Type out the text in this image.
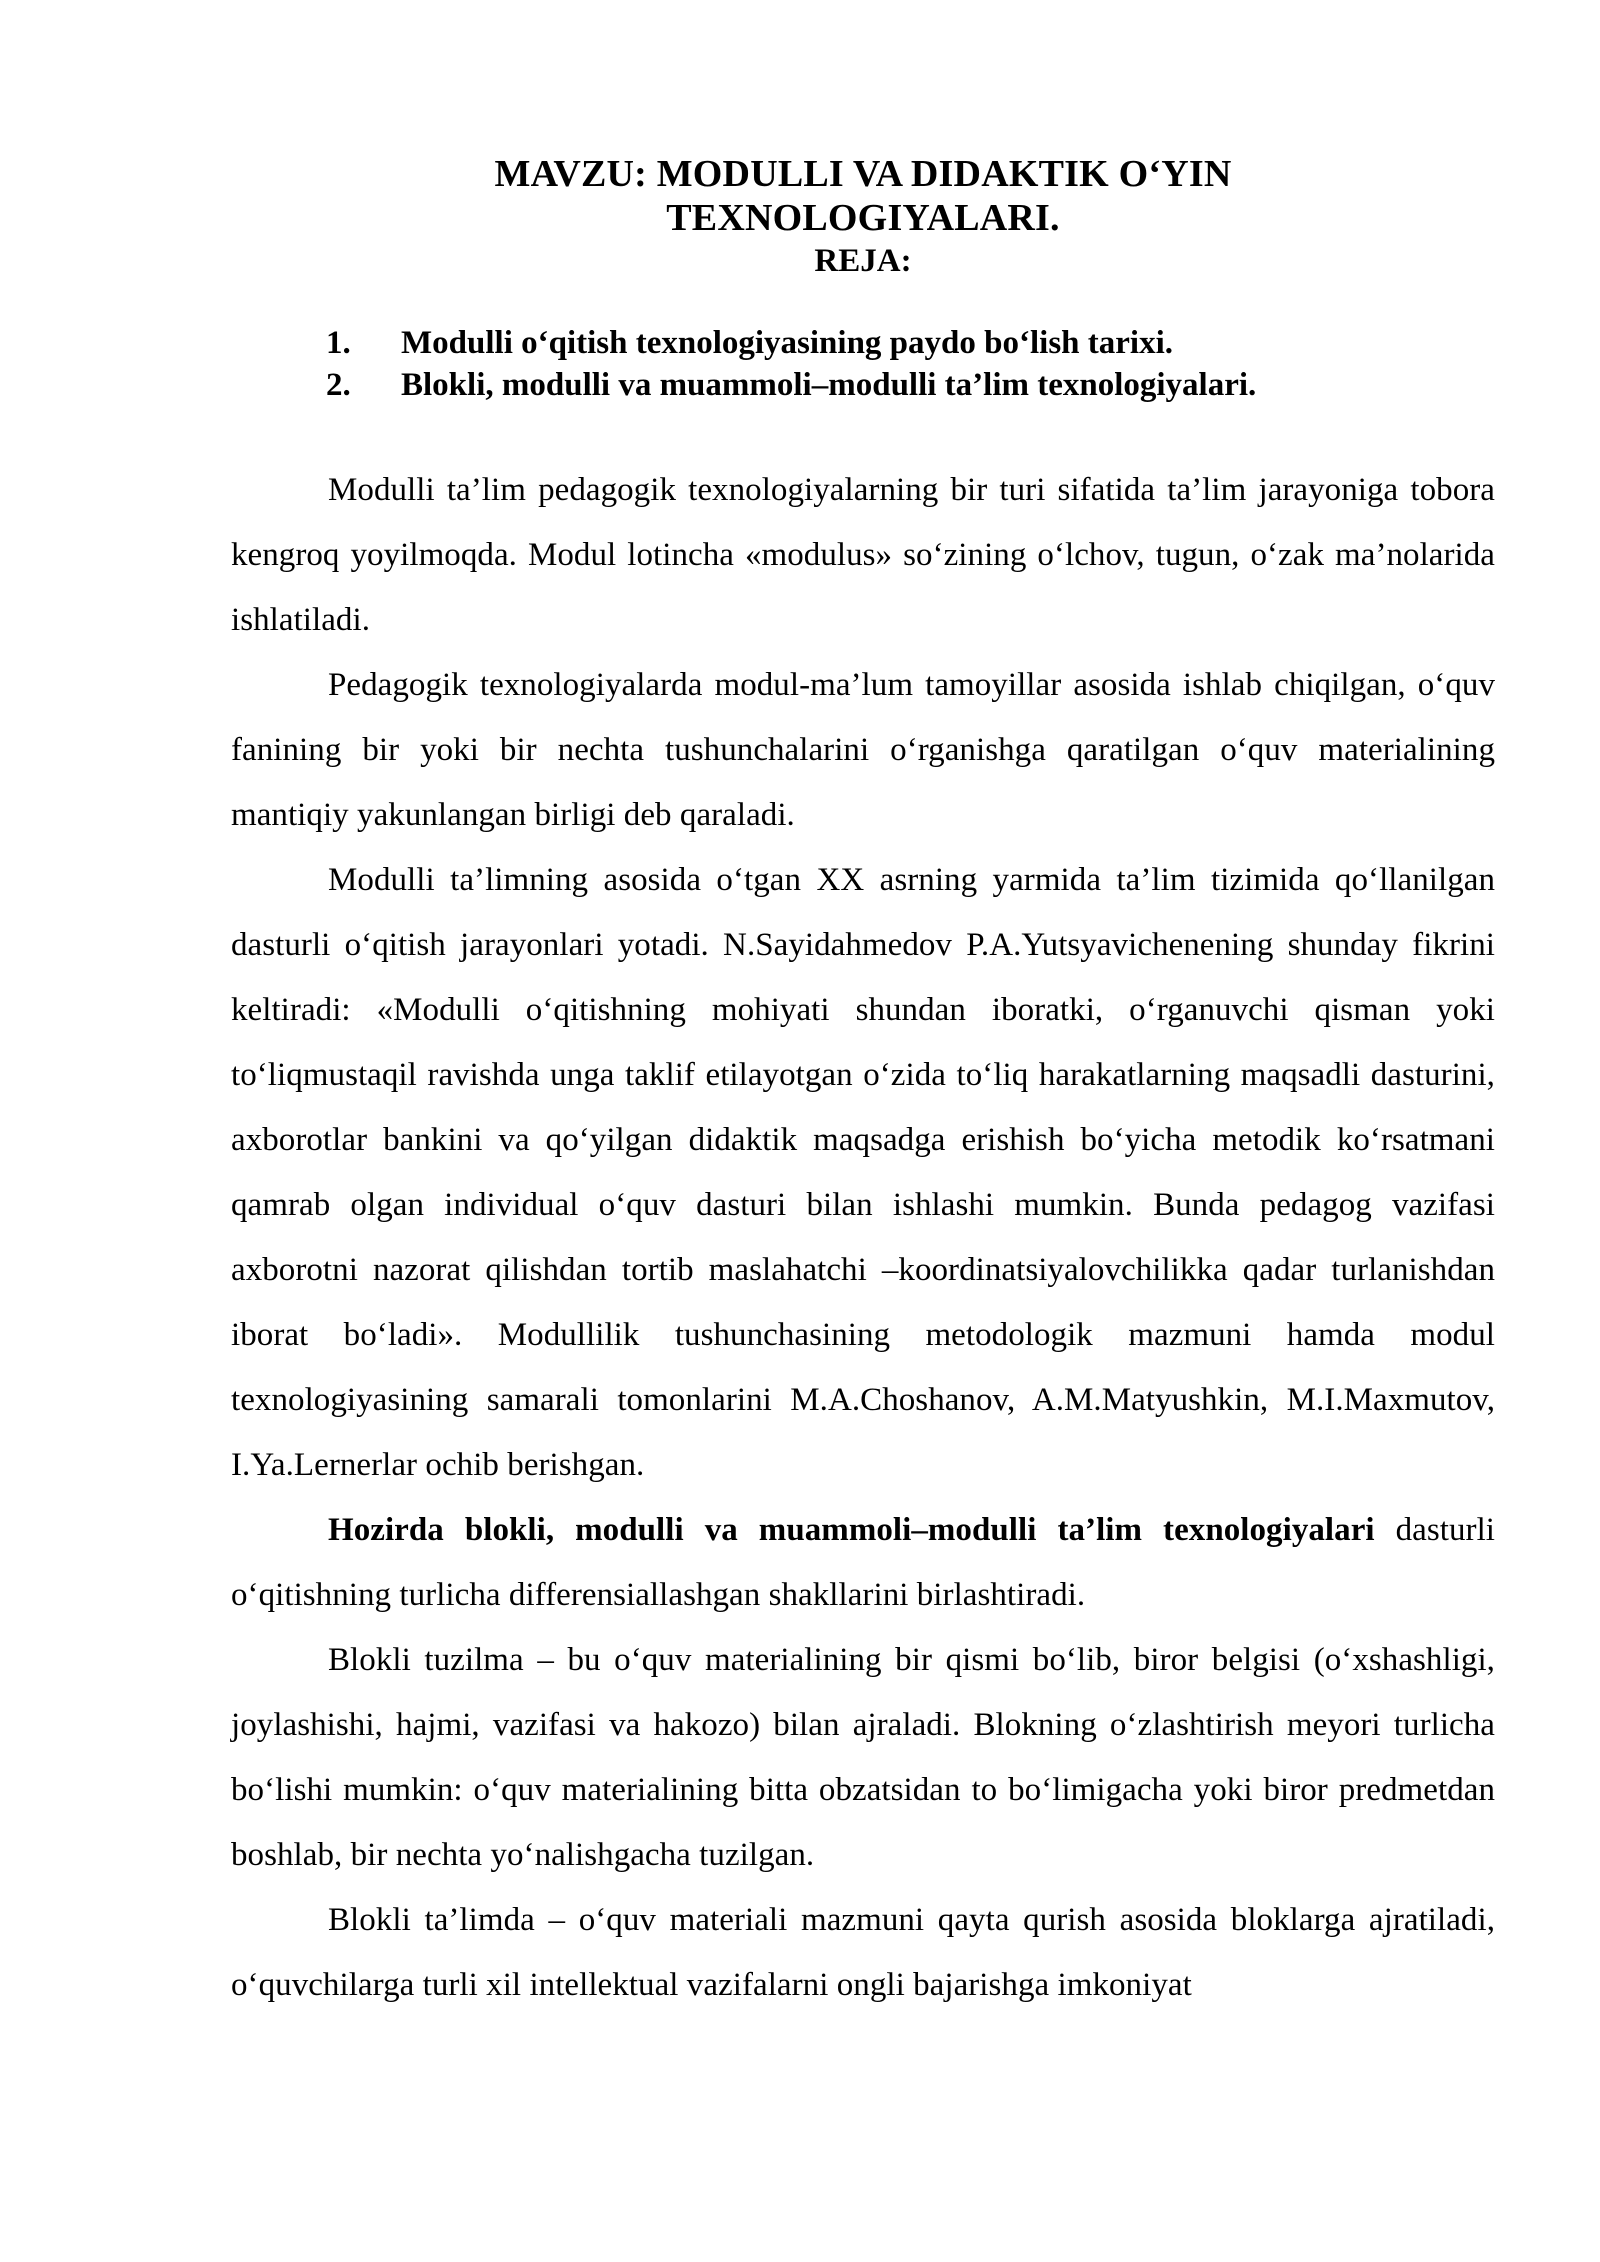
MAVZU: MODULLI VA DIDAKTIK O‘YIN
TEXNOLOGIYALARI.
REJA:
1.	Modulli o‘qitish texnologiyasining paydo bo‘lish tarixi.
2.	Blokli, modulli va muammoli–modulli ta’lim texnologiyalari.

Modulli ta’lim pedagogik texnologiyalarning bir turi sifatida ta’lim jarayoniga tobora kengroq yoyilmoqda. Modul lotincha «modulus» so‘zining o‘lchov, tugun, o‘zak ma’nolarida ishlatiladi.

Pedagogik texnologiyalarda modul-ma’lum tamoyillar asosida ishlab chiqilgan, o‘quv fanining bir yoki bir nechta tushunchalarini o‘rganishga qaratilgan o‘quv materialining mantiqiy yakunlangan birligi deb qaraladi.

Modulli ta’limning asosida o‘tgan XX asrning yarmida ta’lim tizimida qo‘llanilgan dasturli o‘qitish jarayonlari yotadi. N.Sayidahmedov P.A.Yutsyavichenening shunday fikrini keltiradi: «Modulli o‘qitishning mohiyati shundan iboratki, o‘rganuvchi qisman yoki to‘liqmustaqil ravishda unga taklif etilayotgan o‘zida to‘liq harakatlarning maqsadli dasturini, axborotlar bankini va qo‘yilgan didaktik maqsadga erishish bo‘yicha metodik ko‘rsatmani qamrab olgan individual o‘quv dasturi bilan ishlashi mumkin. Bunda pedagog vazifasi axborotni nazorat qilishdan tortib maslahatchi –koordinatsiyalovchilikka qadar turlanishdan iborat bo‘ladi». Modullilik tushunchasining metodologik mazmuni hamda modul texnologiyasining samarali tomonlarini M.A.Choshanov, A.M.Matyushkin, M.I.Maxmutov, I.Ya.Lernerlar ochib berishgan.

Hozirda blokli, modulli va muammoli–modulli ta’lim texnologiyalari dasturli o‘qitishning turlicha differensiallashgan shakllarini birlashtiradi.

Blokli tuzilma – bu o‘quv materialining bir qismi bo‘lib, biror belgisi (o‘xshashligi, joylashishi, hajmi, vazifasi va hakozo) bilan ajraladi. Blokning o‘zlashtirish meyori turlicha bo‘lishi mumkin: o‘quv materialining bitta obzatsidan to bo‘limigacha yoki biror predmetdan boshlab, bir nechta yo‘nalishgacha tuzilgan.

Blokli ta’limda – o‘quv materiali mazmuni qayta qurish asosida bloklarga ajratiladi, o‘quvchilarga turli xil intellektual vazifalarni ongli bajarishga imkoniyat
